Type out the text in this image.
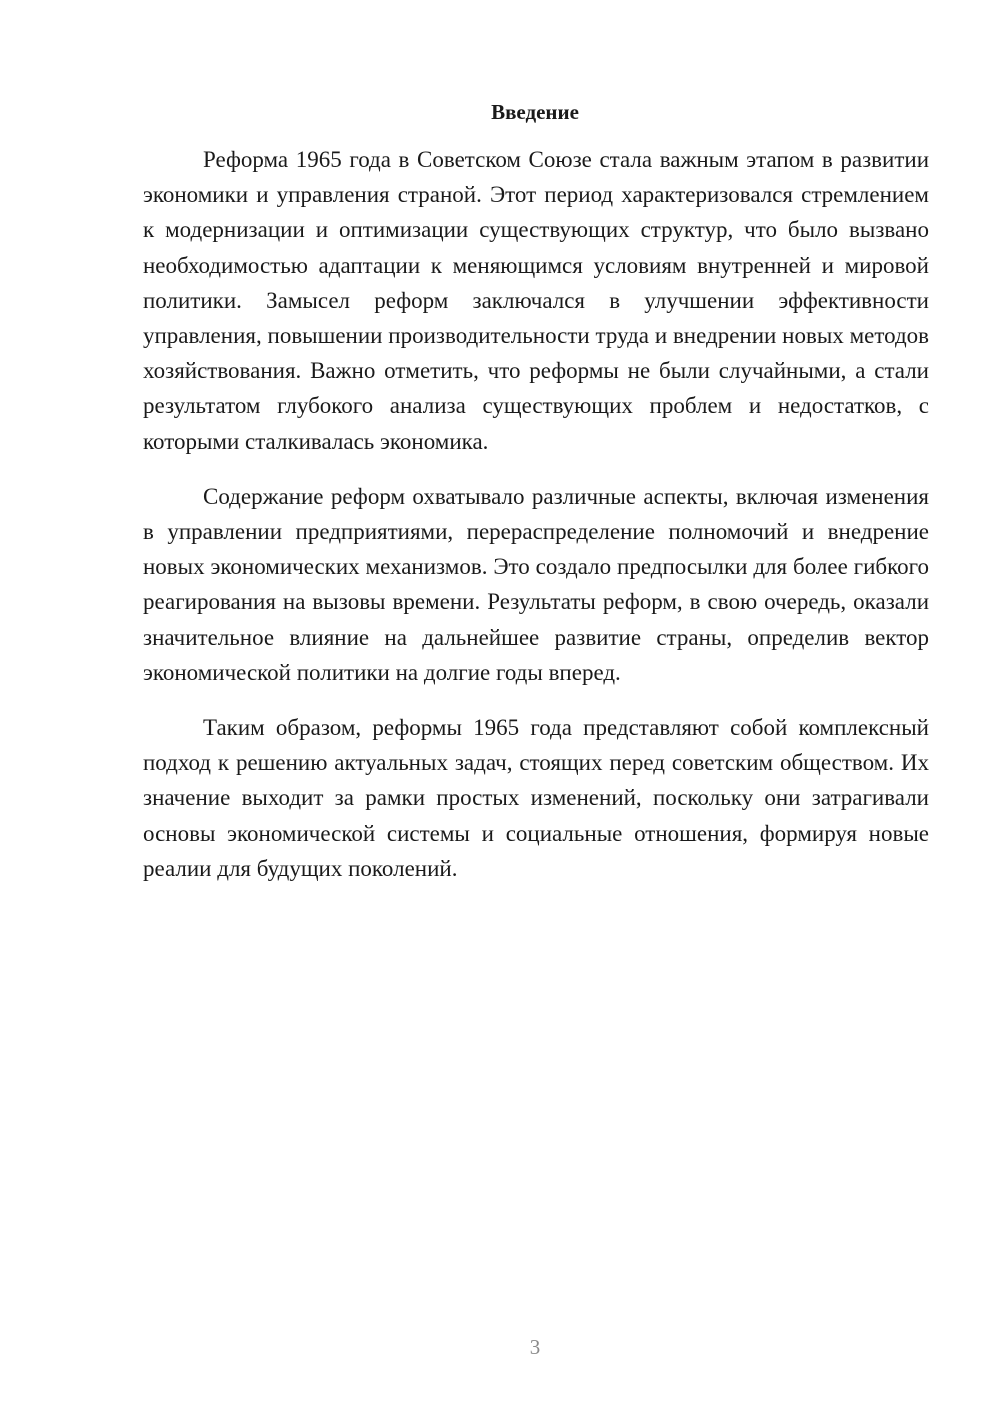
Введение

Реформа 1965 года в Советском Союзе стала важным этапом в развитии экономики и управления страной. Этот период характеризовался стремлением к модернизации и оптимизации существующих структур, что было вызвано необходимостью адаптации к меняющимся условиям внутренней и мировой политики. Замысел реформ заключался в улучшении эффективности управления, повышении производительности труда и внедрении новых методов хозяйствования. Важно отметить, что реформы не были случайными, а стали результатом глубокого анализа существующих проблем и недостатков, с которыми сталкивалась экономика.

Содержание реформ охватывало различные аспекты, включая изменения в управлении предприятиями, перераспределение полномочий и внедрение новых экономических механизмов. Это создало предпосылки для более гибкого реагирования на вызовы времени. Результаты реформ, в свою очередь, оказали значительное влияние на дальнейшее развитие страны, определив вектор экономической политики на долгие годы вперед.

Таким образом, реформы 1965 года представляют собой комплексный подход к решению актуальных задач, стоящих перед советским обществом. Их значение выходит за рамки простых изменений, поскольку они затрагивали основы экономической системы и социальные отношения, формируя новые реалии для будущих поколений.

3
